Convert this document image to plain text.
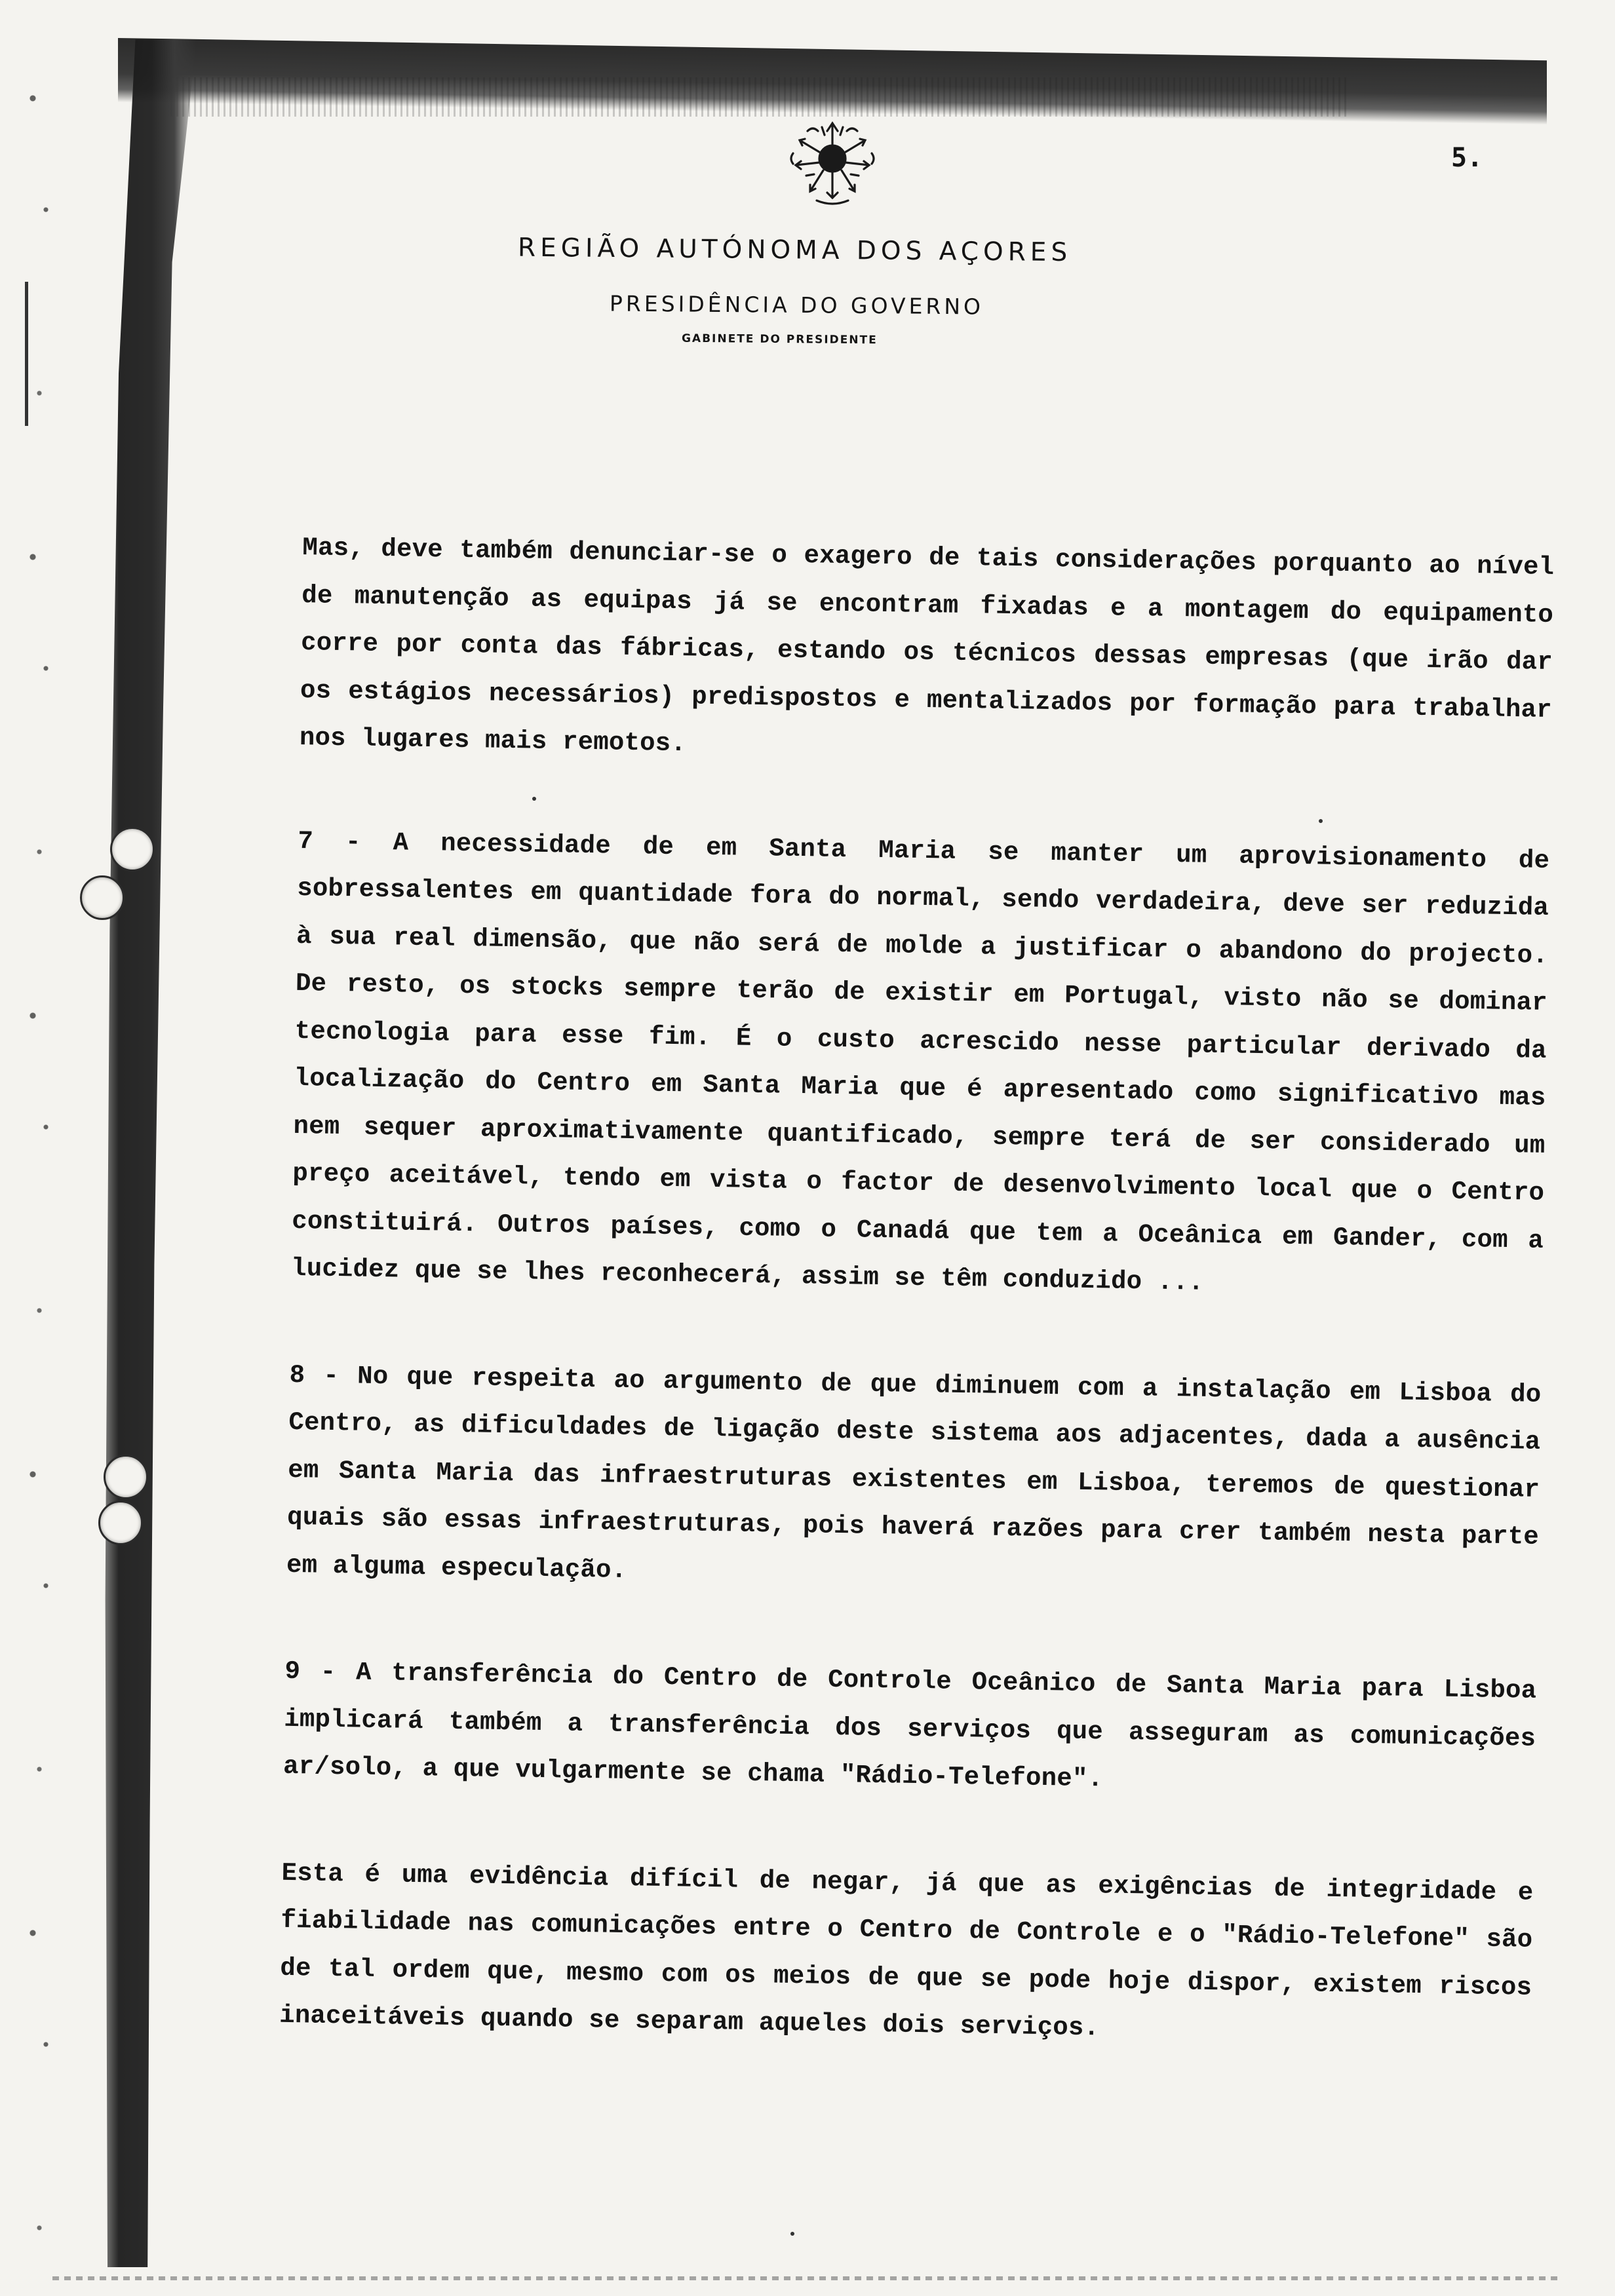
5.
REGIÃO AUTÓNOMA DOS AÇORES
PRESIDÊNCIA DO GOVERNO
GABINETE DO PRESIDENTE

Mas, deve também denunciar-se o exagero de tais considerações porquanto ao nível de manutenção as equipas já se encontram fixadas e a montagem do equipamento corre por conta das fábricas, estando os técnicos dessas empresas (que irão dar os estágios necessários) predispostos e mentalizados por formação para trabalhar nos lugares mais remotos.

7 - A necessidade de em Santa Maria se manter um aprovisionamento de sobressalentes em quantidade fora do normal, sendo verdadeira, deve ser reduzida à sua real dimensão, que não será de molde a justificar o abandono do projecto. De resto, os stocks sempre terão de existir em Portugal, visto não se dominar tecnologia para esse fim. É o custo acrescido nesse particular derivado da localização do Centro em Santa Maria que é apresentado como significativo mas nem sequer aproximativamente quantificado, sempre terá de ser considerado um preço aceitável, tendo em vista o factor de desenvolvimento local que o Centro constituirá. Outros países, como o Canadá que tem a Oceânica em Gander, com a lucidez que se lhes reconhecerá, assim se têm conduzido ...

8 - No que respeita ao argumento de que diminuem com a instalação em Lisboa do Centro, as dificuldades de ligação deste sistema aos adjacentes, dada a ausência em Santa Maria das infraestruturas existentes em Lisboa, teremos de questionar quais são essas infraestruturas, pois haverá razões para crer também nesta parte em alguma especulação.

9 - A transferência do Centro de Controle Oceânico de Santa Maria para Lisboa implicará também a transferência dos serviços que asseguram as comunicações ar/solo, a que vulgarmente se chama "Rádio-Telefone".

Esta é uma evidência difícil de negar, já que as exigências de integridade e fiabilidade nas comunicações entre o Centro de Controle e o "Rádio-Telefone" são de tal ordem que, mesmo com os meios de que se pode hoje dispor, existem riscos inaceitáveis quando se separam aqueles dois serviços.
